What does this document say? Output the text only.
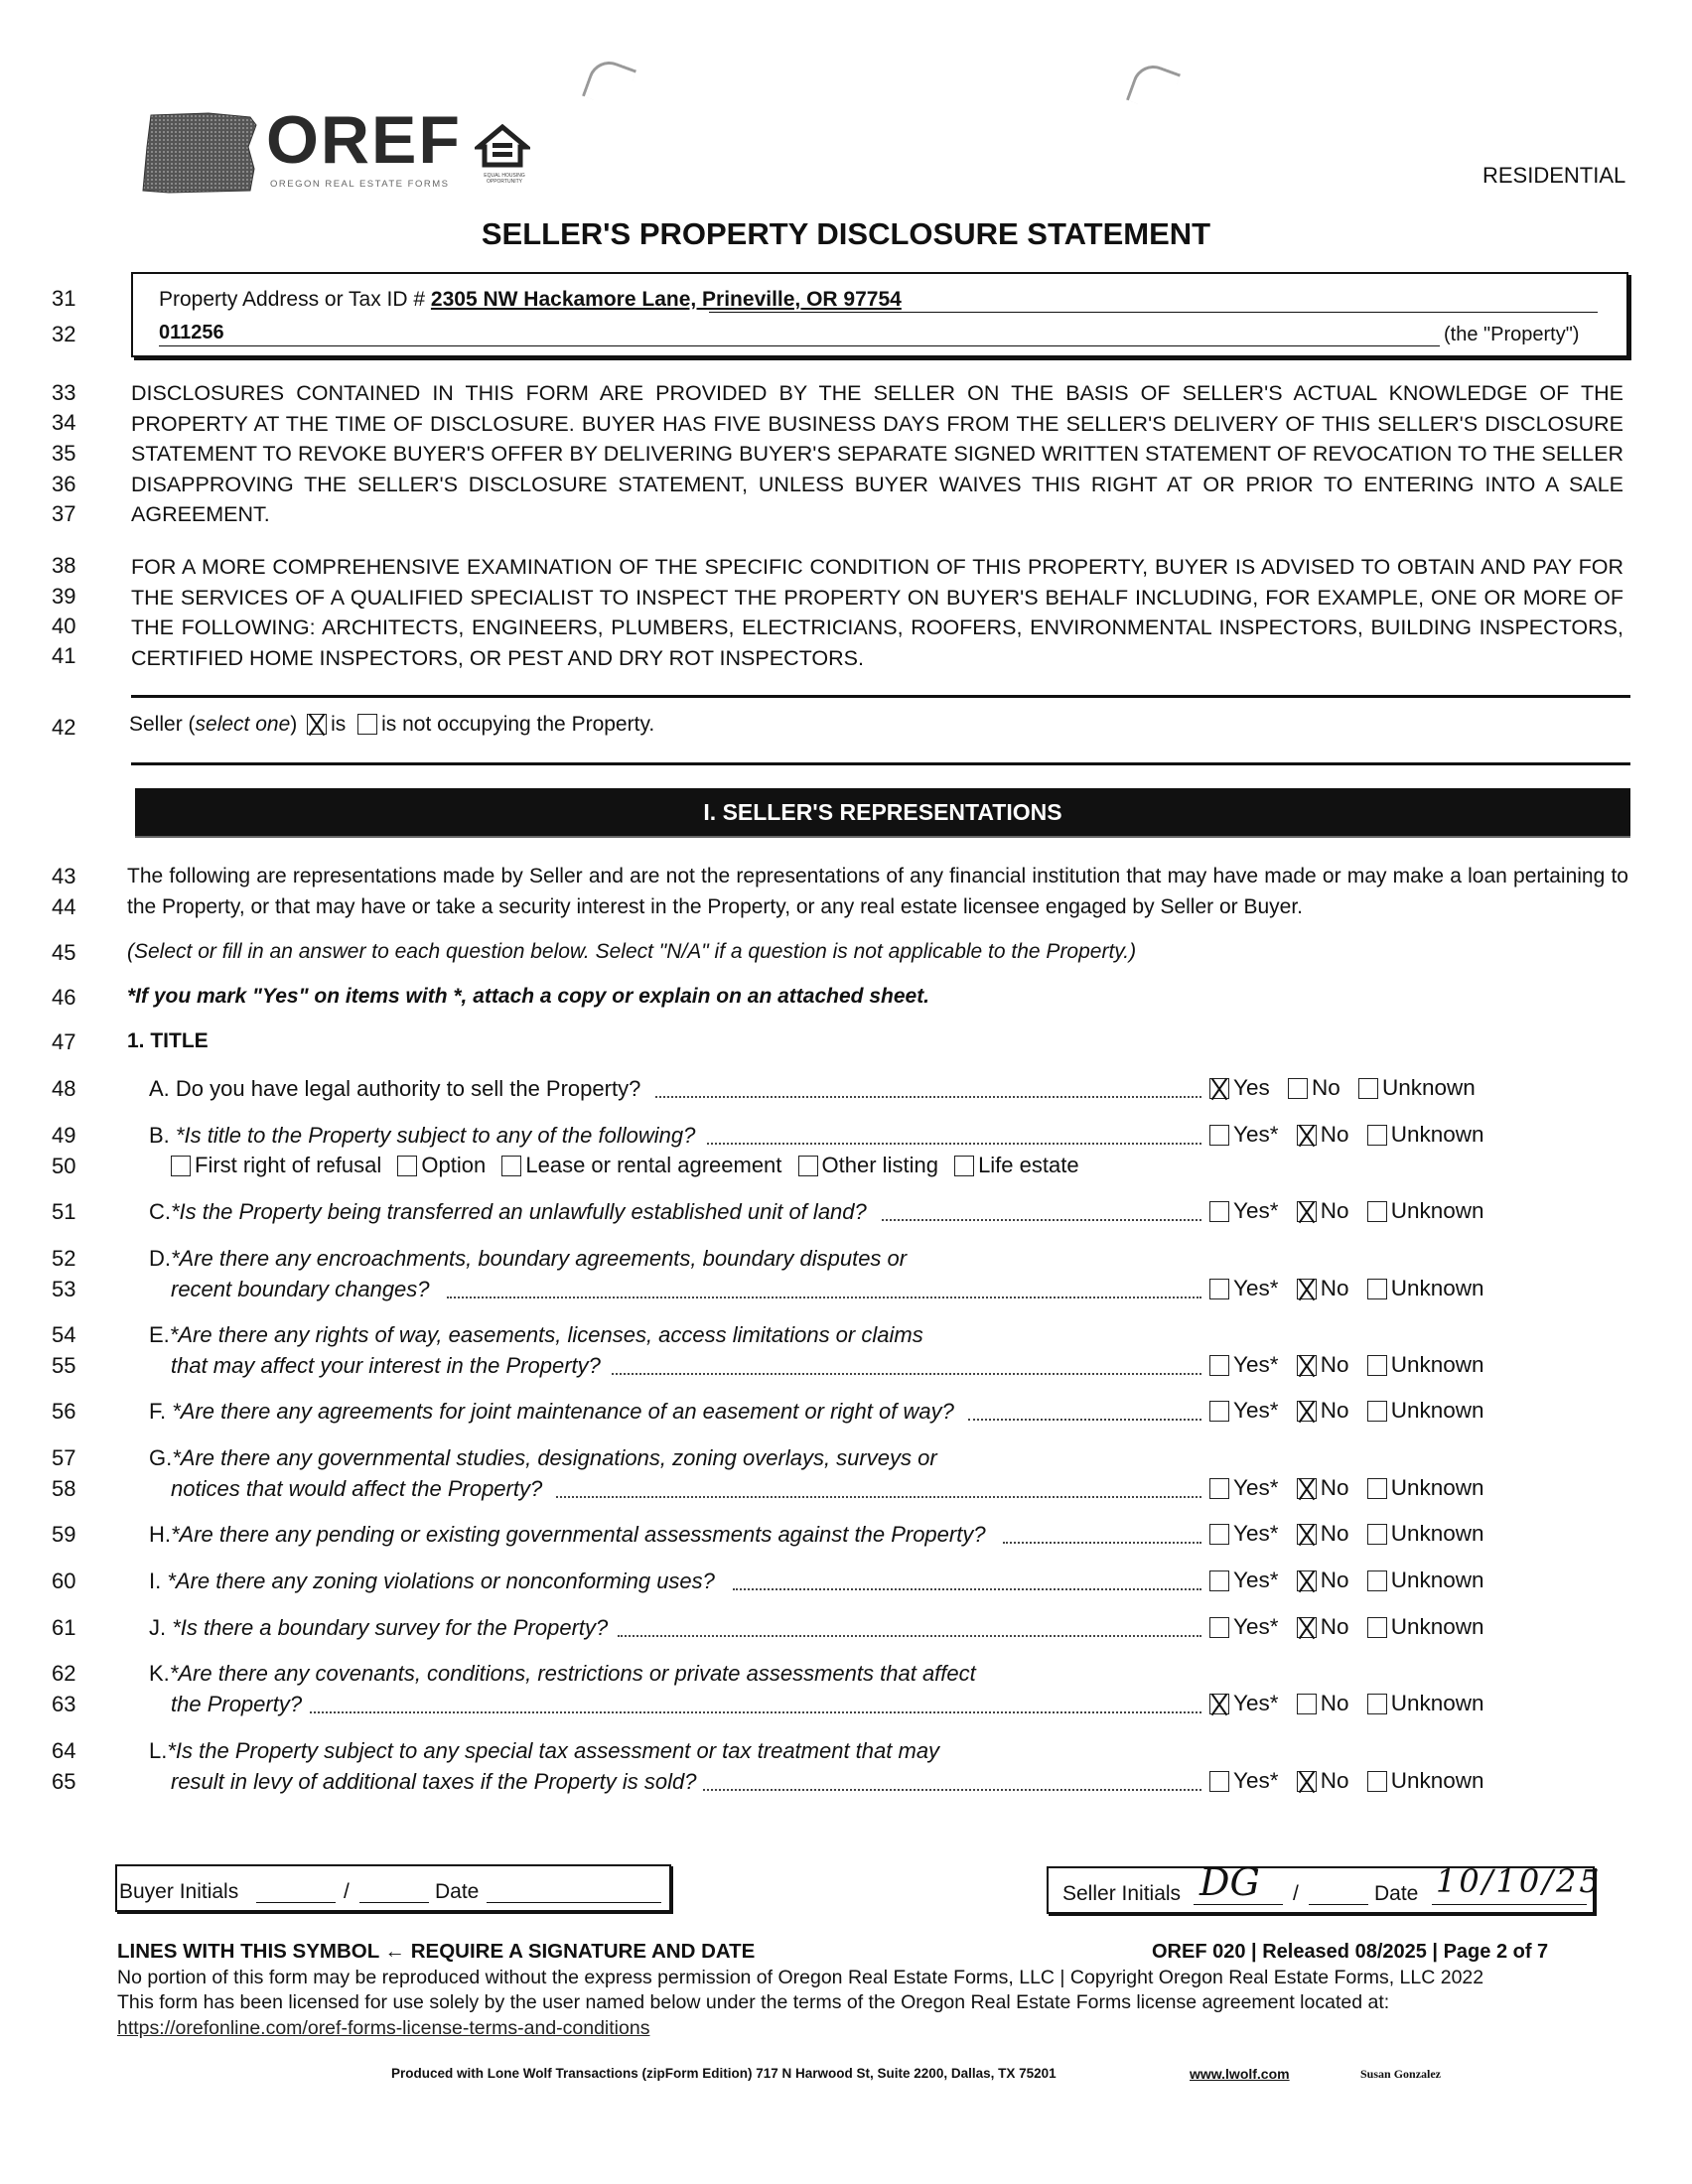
OREF
OREGON REAL ESTATE FORMS
EQUAL HOUSING OPPORTUNITY	RESIDENTIAL
SELLER'S PROPERTY DISCLOSURE STATEMENT
31
32
33
34
35
36
37
38
39
40
41
42
43
44
45
46
47
48
49
50
51
52
53
54
55
56
57
58
59
60
61
62
63
64
65
Property Address or Tax ID # 2305 NW Hackamore Lane, Prineville, OR 97754
011256	(the "Property")
DISCLOSURES CONTAINED IN THIS FORM ARE PROVIDED BY THE SELLER ON THE BASIS OF SELLER'S ACTUAL KNOWLEDGE OF THE PROPERTY AT THE TIME OF DISCLOSURE. BUYER HAS FIVE BUSINESS DAYS FROM THE SELLER'S DELIVERY OF THIS SELLER'S DISCLOSURE STATEMENT TO REVOKE BUYER'S OFFER BY DELIVERING BUYER'S SEPARATE SIGNED WRITTEN STATEMENT OF REVOCATION TO THE SELLER DISAPPROVING THE SELLER'S DISCLOSURE STATEMENT, UNLESS BUYER WAIVES THIS RIGHT AT OR PRIOR TO ENTERING INTO A SALE AGREEMENT.
FOR A MORE COMPREHENSIVE EXAMINATION OF THE SPECIFIC CONDITION OF THIS PROPERTY, BUYER IS ADVISED TO OBTAIN AND PAY FOR THE SERVICES OF A QUALIFIED SPECIALIST TO INSPECT THE PROPERTY ON BUYER'S BEHALF INCLUDING, FOR EXAMPLE, ONE OR MORE OF THE FOLLOWING: ARCHITECTS, ENGINEERS, PLUMBERS, ELECTRICIANS, ROOFERS, ENVIRONMENTAL INSPECTORS, BUILDING INSPECTORS, CERTIFIED HOME INSPECTORS, OR PEST AND DRY ROT INSPECTORS.
Seller (select one) is is not occupying the Property.
I. SELLER'S REPRESENTATIONS
The following are representations made by Seller and are not the representations of any financial institution that may have made or may make a loan pertaining to the Property, or that may have or take a security interest in the Property, or any real estate licensee engaged by Seller or Buyer.
(Select or fill in an answer to each question below. Select "N/A" if a question is not applicable to the Property.)
*If you mark "Yes" on items with *, attach a copy or explain on an attached sheet.
1. TITLE
A. Do you have legal authority to sell the Property?	Yes No Unknown
B. *Is title to the Property subject to any of the following?	Yes* No Unknown
First right of refusal Option Lease or rental agreement Other listing Life estate
C.*Is the Property being transferred an unlawfully established unit of land?	Yes* No Unknown
D.*Are there any encroachments, boundary agreements, boundary disputes or
recent boundary changes?	Yes* No Unknown
E.*Are there any rights of way, easements, licenses, access limitations or claims
that may affect your interest in the Property?	Yes* No Unknown
F. *Are there any agreements for joint maintenance of an easement or right of way?	Yes* No Unknown
G.*Are there any governmental studies, designations, zoning overlays, surveys or
notices that would affect the Property?	Yes* No Unknown
H.*Are there any pending or existing governmental assessments against the Property?	Yes* No Unknown
I. *Are there any zoning violations or nonconforming uses?	Yes* No Unknown
J. *Is there a boundary survey for the Property?	Yes* No Unknown
K.*Are there any covenants, conditions, restrictions or private assessments that affect
the Property?	Yes* No Unknown
L.*Is the Property subject to any special tax assessment or tax treatment that may
result in levy of additional taxes if the Property is sold?	Yes* No Unknown
Buyer Initials	/	Date	Seller Initials DG /	Date 10/10/25
LINES WITH THIS SYMBOL ← REQUIRE A SIGNATURE AND DATE	OREF 020 | Released 08/2025 | Page 2 of 7
No portion of this form may be reproduced without the express permission of Oregon Real Estate Forms, LLC | Copyright Oregon Real Estate Forms, LLC 2022
This form has been licensed for use solely by the user named below under the terms of the Oregon Real Estate Forms license agreement located at:
https://orefonline.com/oref-forms-license-terms-and-conditions
Produced with Lone Wolf Transactions (zipForm Edition) 717 N Harwood St, Suite 2200, Dallas, TX 75201	www.lwolf.com	Susan Gonzalez
